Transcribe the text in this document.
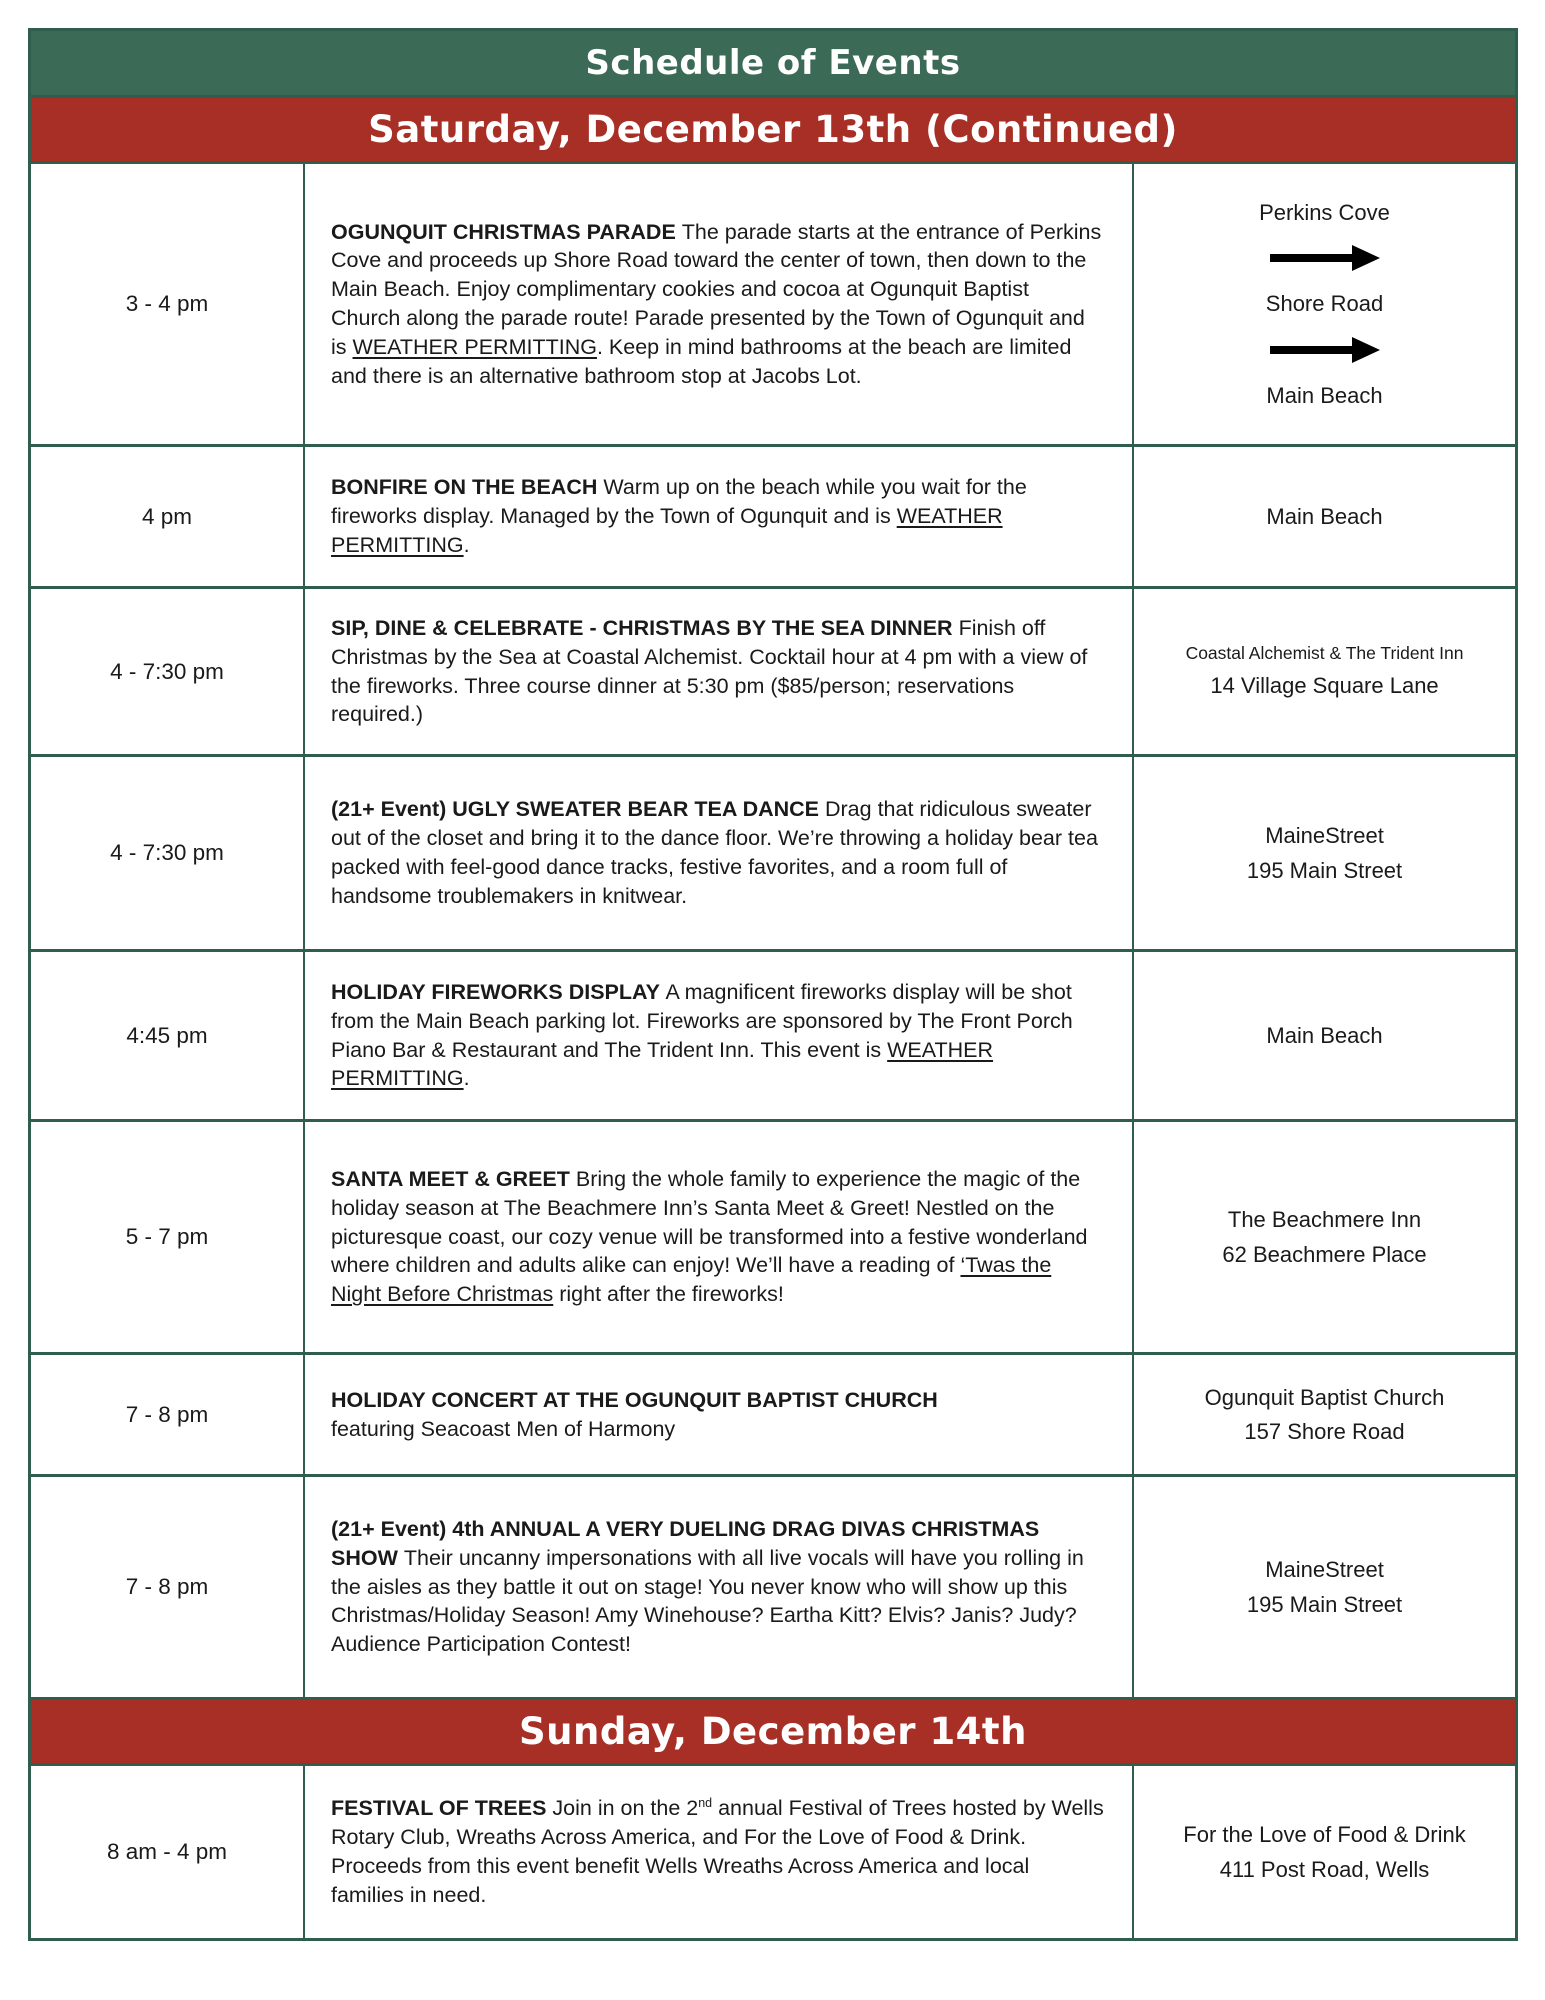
Schedule of Events
Saturday, December 13th (Continued)
3 - 4 pm
OGUNQUIT CHRISTMAS PARADE The parade starts at the entrance of Perkins Cove and proceeds up Shore Road toward the center of town, then down to the Main Beach. Enjoy complimentary cookies and cocoa at Ogunquit Baptist Church along the parade route! Parade presented by the Town of Ogunquit and is WEATHER PERMITTING. Keep in mind bathrooms at the beach are limited and there is an alternative bathroom stop at Jacobs Lot.
Perkins Cove
Shore Road
Main Beach
4 pm
BONFIRE ON THE BEACH Warm up on the beach while you wait for the fireworks display. Managed by the Town of Ogunquit and is WEATHER PERMITTING.
Main Beach
4 - 7:30 pm
SIP, DINE & CELEBRATE - CHRISTMAS BY THE SEA DINNER Finish off Christmas by the Sea at Coastal Alchemist. Cocktail hour at 4 pm with a view of the fireworks. Three course dinner at 5:30 pm ($85/person; reservations required.)
Coastal Alchemist & The Trident Inn
14 Village Square Lane
4 - 7:30 pm
(21+ Event) UGLY SWEATER BEAR TEA DANCE Drag that ridiculous sweater out of the closet and bring it to the dance floor. We’re throwing a holiday bear tea packed with feel-good dance tracks, festive favorites, and a room full of handsome troublemakers in knitwear.
MaineStreet
195 Main Street
4:45 pm
HOLIDAY FIREWORKS DISPLAY A magnificent fireworks display will be shot from the Main Beach parking lot. Fireworks are sponsored by The Front Porch Piano Bar & Restaurant and The Trident Inn. This event is WEATHER PERMITTING.
Main Beach
5 - 7 pm
SANTA MEET & GREET Bring the whole family to experience the magic of the holiday season at The Beachmere Inn’s Santa Meet & Greet! Nestled on the picturesque coast, our cozy venue will be transformed into a festive wonderland where children and adults alike can enjoy! We’ll have a reading of ‘Twas the Night Before Christmas right after the fireworks!
The Beachmere Inn
62 Beachmere Place
7 - 8 pm
HOLIDAY CONCERT AT THE OGUNQUIT BAPTIST CHURCH
featuring Seacoast Men of Harmony
Ogunquit Baptist Church
157 Shore Road
7 - 8 pm
(21+ Event) 4th ANNUAL A VERY DUELING DRAG DIVAS CHRISTMAS SHOW Their uncanny impersonations with all live vocals will have you rolling in the aisles as they battle it out on stage! You never know who will show up this Christmas/Holiday Season! Amy Winehouse? Eartha Kitt? Elvis? Janis? Judy? Audience Participation Contest!
MaineStreet
195 Main Street
Sunday, December 14th
8 am - 4 pm
FESTIVAL OF TREES Join in on the 2nd annual Festival of Trees hosted by Wells Rotary Club, Wreaths Across America, and For the Love of Food & Drink. Proceeds from this event benefit Wells Wreaths Across America and local families in need.
For the Love of Food & Drink
411 Post Road, Wells
